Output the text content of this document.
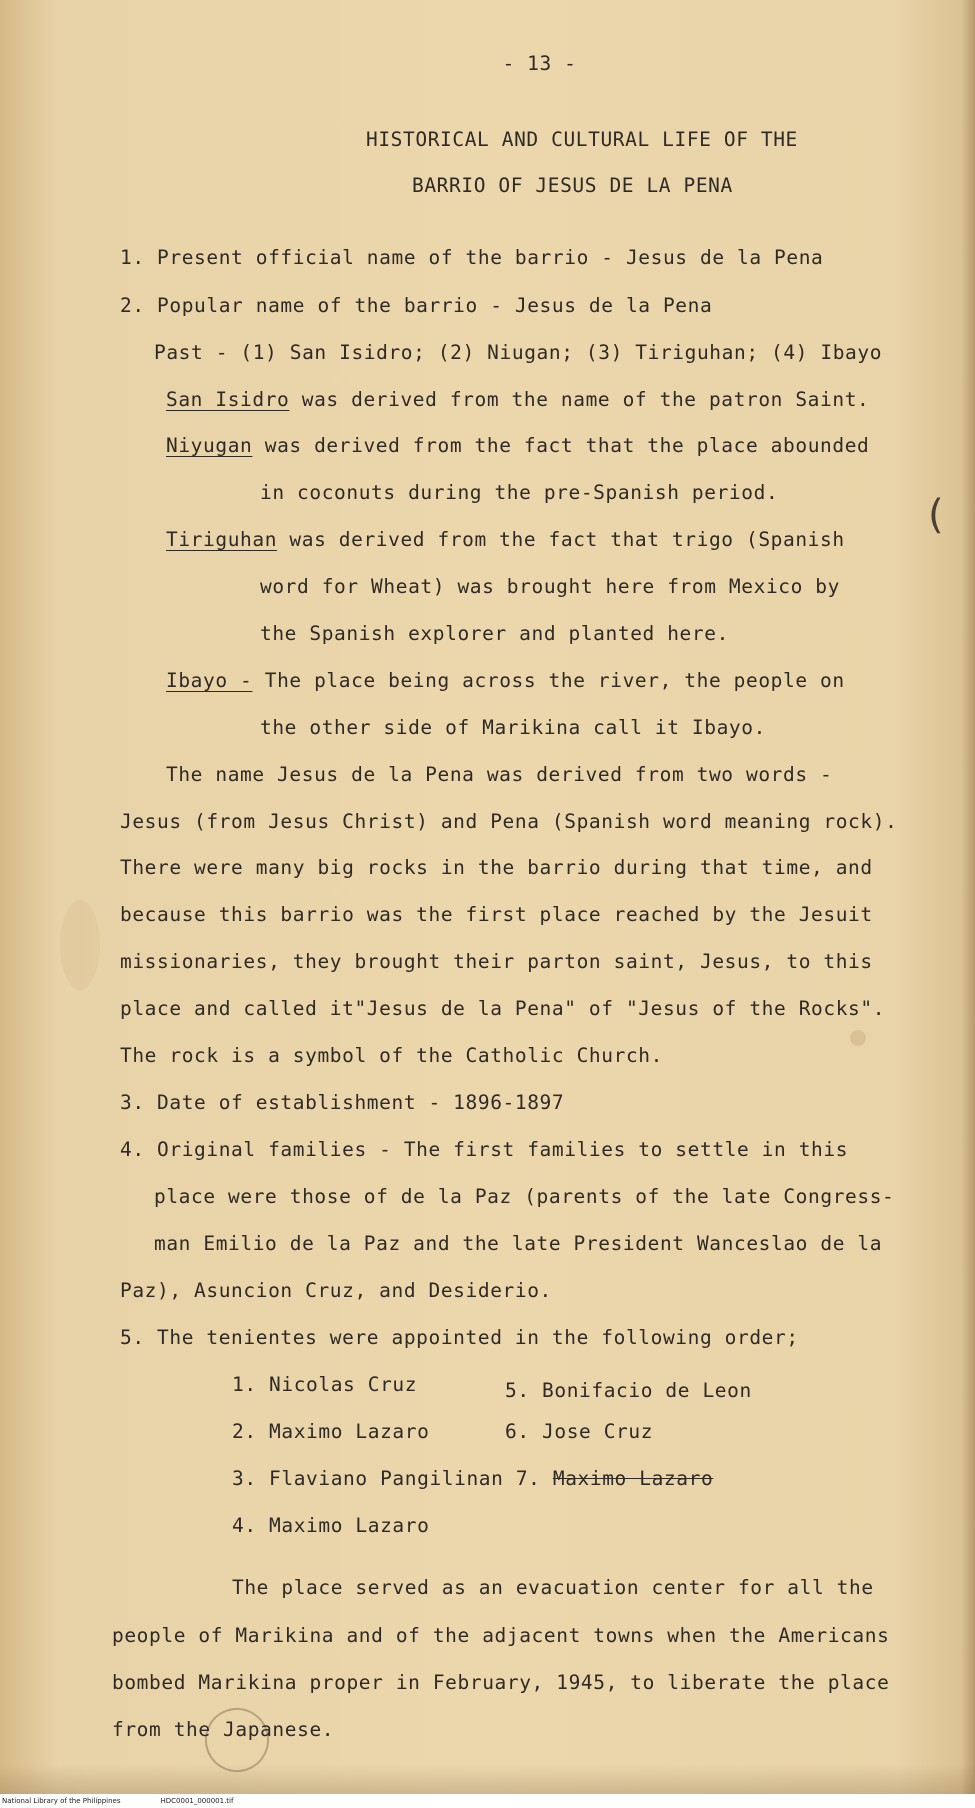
(
- 13 -
HISTORICAL AND CULTURAL LIFE OF THE
BARRIO OF JESUS DE LA PENA
1. Present official name of the barrio - Jesus de la Pena
2. Popular name of the barrio - Jesus de la Pena
Past - (1) San Isidro; (2) Niugan; (3) Tiriguhan; (4) Ibayo
San Isidro was derived from the name of the patron Saint.
Niyugan was derived from the fact that the place abounded
in coconuts during the pre-Spanish period.
Tiriguhan was derived from the fact that trigo (Spanish
word for Wheat) was brought here from Mexico by
the Spanish explorer and planted here.
Ibayo - The place being across the river, the people on
the other side of Marikina call it Ibayo.
The name Jesus de la Pena was derived from two words -
Jesus (from Jesus Christ) and Pena (Spanish word meaning rock).
There were many big rocks in the barrio during that time, and
because this barrio was the first place reached by the Jesuit
missionaries, they brought their parton saint, Jesus, to this
place and called it"Jesus de la Pena" of "Jesus of the Rocks".
The rock is a symbol of the Catholic Church.
3. Date of establishment - 1896-1897
4. Original families - The first families to settle in this
place were those of de la Paz (parents of the late Congress-
man Emilio de la Paz and the late President Wanceslao de la
Paz), Asuncion Cruz, and Desiderio.
5. The tenientes were appointed in the following order;
1. Nicolas Cruz	5. Bonifacio de Leon
2. Maximo Lazaro	6. Jose Cruz
3. Flaviano Pangilinan 7. Maximo Lazaro
4. Maximo Lazaro
The place served as an evacuation center for all the
people of Marikina and of the adjacent towns when the Americans
bombed Marikina proper in February, 1945, to liberate the place
from the Japanese.
National Library of the Philippines	HDC0001_000001.tif
